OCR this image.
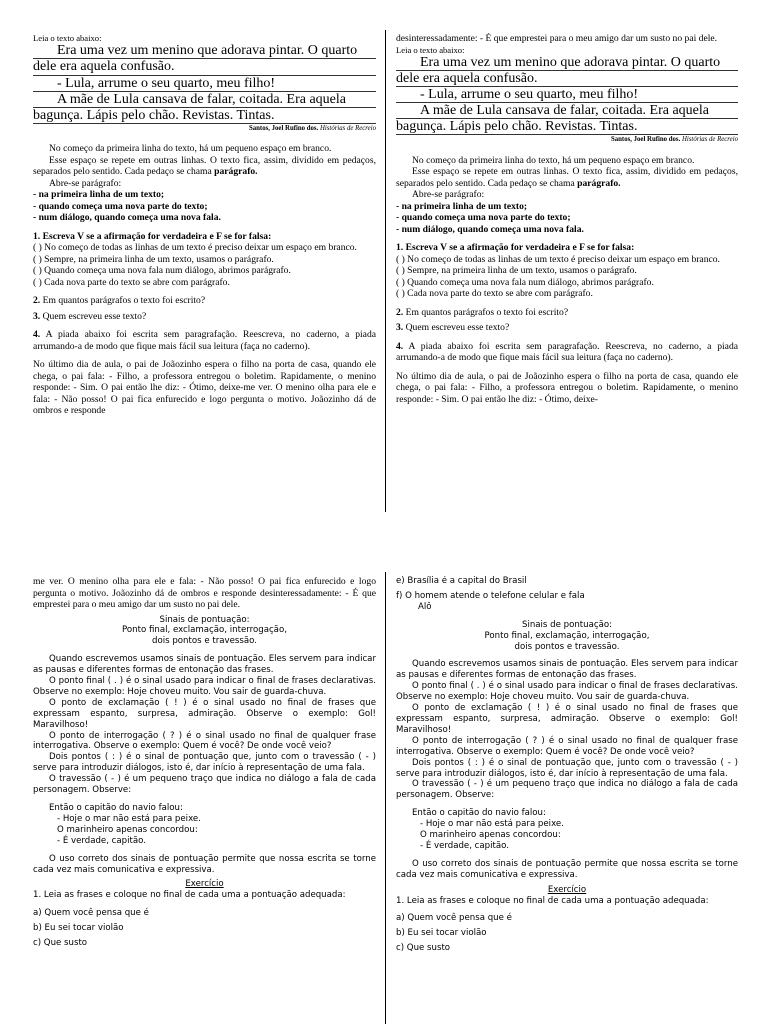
Leia o texto abaixo:

Era uma vez um menino que adorava pintar. O quarto
dele era aquela confusão.
- Lula, arrume o seu quarto, meu filho!
A mãe de Lula cansava de falar, coitada. Era aquela
bagunça. Lápis pelo chão. Revistas. Tintas.

Santos, Joel Rufino dos. Histórias de Recreio

No começo da primeira linha do texto, há um pequeno espaço em branco.

Esse espaço se repete em outras linhas. O texto fica, assim, dividido em pedaços, separados pelo sentido. Cada pedaço se chama parágrafo.

Abre-se parágrafo:

- na primeira linha de um texto;

- quando começa uma nova parte do texto;

- num diálogo, quando começa uma nova fala.

1. Escreva V se a afirmação for verdadeira e F se for falsa:

( ) No começo de todas as linhas de um texto é preciso deixar um espaço em branco.

( ) Sempre, na primeira linha de um texto, usamos o parágrafo.

( ) Quando começa uma nova fala num diálogo, abrimos parágrafo.

( ) Cada nova parte do texto se abre com parágrafo.

2. Em quantos parágrafos o texto foi escrito?

3. Quem escreveu esse texto?

4. A piada abaixo foi escrita sem paragrafação. Reescreva, no caderno, a piada arrumando-a de modo que fique mais fácil sua leitura (faça no caderno).

No último dia de aula, o pai de Joãozinho espera o filho na porta de casa, quando ele chega, o pai fala: - Filho, a professora entregou o boletim. Rapidamente, o menino responde: - Sim. O pai então lhe diz: - Ótimo, deixe-me ver. O menino olha para ele e fala: - Não posso! O pai fica enfurecido e logo pergunta o motivo. Joãozinho dá de ombros e responde

desinteressadamente: - É que emprestei para o meu amigo dar um susto no pai dele.

Leia o texto abaixo:

Era uma vez um menino que adorava pintar. O quarto
dele era aquela confusão.
- Lula, arrume o seu quarto, meu filho!
A mãe de Lula cansava de falar, coitada. Era aquela
bagunça. Lápis pelo chão. Revistas. Tintas.

Santos, Joel Rufino dos. Histórias de Recreio

No começo da primeira linha do texto, há um pequeno espaço em branco.

Esse espaço se repete em outras linhas. O texto fica, assim, dividido em pedaços, separados pelo sentido. Cada pedaço se chama parágrafo.

Abre-se parágrafo:

- na primeira linha de um texto;

- quando começa uma nova parte do texto;

- num diálogo, quando começa uma nova fala.

1. Escreva V se a afirmação for verdadeira e F se for falsa:

( ) No começo de todas as linhas de um texto é preciso deixar um espaço em branco.

( ) Sempre, na primeira linha de um texto, usamos o parágrafo.

( ) Quando começa uma nova fala num diálogo, abrimos parágrafo.

( ) Cada nova parte do texto se abre com parágrafo.

2. Em quantos parágrafos o texto foi escrito?

3. Quem escreveu esse texto?

4. A piada abaixo foi escrita sem paragrafação. Reescreva, no caderno, a piada arrumando-a de modo que fique mais fácil sua leitura (faça no caderno).

No último dia de aula, o pai de Joãozinho espera o filho na porta de casa, quando ele chega, o pai fala: - Filho, a professora entregou o boletim. Rapidamente, o menino responde: - Sim. O pai então lhe diz: - Ótimo, deixe-

me ver. O menino olha para ele e fala: - Não posso! O pai fica enfurecido e logo pergunta o motivo. Joãozinho dá de ombros e responde desinteressadamente: - É que emprestei para o meu amigo dar um susto no pai dele.

Sinais de pontuação:

Ponto final, exclamação, interrogação,

dois pontos e travessão.

Quando escrevemos usamos sinais de pontuação. Eles servem para indicar as pausas e diferentes formas de entonação das frases.

O ponto final ( . ) é o sinal usado para indicar o final de frases declarativas. Observe no exemplo: Hoje choveu muito. Vou sair de guarda-chuva.

O ponto de exclamação ( ! ) é o sinal usado no final de frases que expressam espanto, surpresa, admiração. Observe o exemplo: Gol! Maravilhoso!

O ponto de interrogação ( ? ) é o sinal usado no final de qualquer frase interrogativa. Observe o exemplo: Quem é você? De onde você veio?

Dois pontos ( : ) é o sinal de pontuação que, junto com o travessão ( - ) serve para introduzir diálogos, isto é, dar início à representação de uma fala.

O travessão ( - ) é um pequeno traço que indica no diálogo a fala de cada personagem. Observe:

Então o capitão do navio falou:

- Hoje o mar não está para peixe.

O marinheiro apenas concordou:

- É verdade, capitão.

O uso correto dos sinais de pontuação permite que nossa escrita se torne cada vez mais comunicativa e expressiva.

Exercício

1. Leia as frases e coloque no final de cada uma a pontuação adequada:

a) Quem você pensa que é

b) Eu sei tocar violão

c) Que susto

e) Brasília é a capital do Brasil

f) O homem atende o telefone celular e fala

Alô

Sinais de pontuação:

Ponto final, exclamação, interrogação,

dois pontos e travessão.

Quando escrevemos usamos sinais de pontuação. Eles servem para indicar as pausas e diferentes formas de entonação das frases.

O ponto final ( . ) é o sinal usado para indicar o final de frases declarativas. Observe no exemplo: Hoje choveu muito. Vou sair de guarda-chuva.

O ponto de exclamação ( ! ) é o sinal usado no final de frases que expressam espanto, surpresa, admiração. Observe o exemplo: Gol! Maravilhoso!

O ponto de interrogação ( ? ) é o sinal usado no final de qualquer frase interrogativa. Observe o exemplo: Quem é você? De onde você veio?

Dois pontos ( : ) é o sinal de pontuação que, junto com o travessão ( - ) serve para introduzir diálogos, isto é, dar início à representação de uma fala.

O travessão ( - ) é um pequeno traço que indica no diálogo a fala de cada personagem. Observe:

Então o capitão do navio falou:

- Hoje o mar não está para peixe.

O marinheiro apenas concordou:

- É verdade, capitão.

O uso correto dos sinais de pontuação permite que nossa escrita se torne cada vez mais comunicativa e expressiva.

Exercício

1. Leia as frases e coloque no final de cada uma a pontuação adequada:

a) Quem você pensa que é

b) Eu sei tocar violão

c) Que susto
